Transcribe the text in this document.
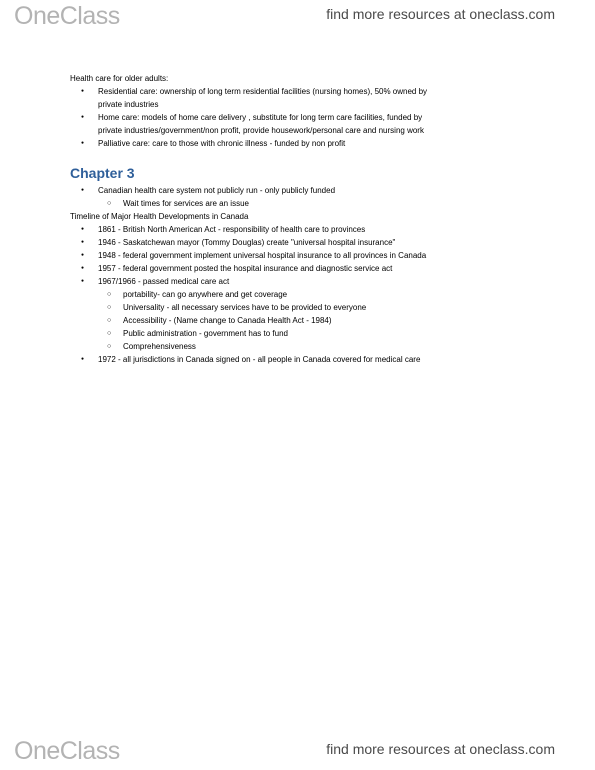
OneClass	find more resources at oneclass.com
Health care for older adults:
● Residential care: ownership of long term residential facilities (nursing homes), 50% owned by
private industries
● Home care: models of home care delivery , substitute for long term care facilities, funded by
private industries/government/non profit, provide housework/personal care and nursing work
● Palliative care: care to those with chronic illness - funded by non profit
Chapter 3
● Canadian health care system not publicly run - only publicly funded
○ Wait times for services are an issue
Timeline of Major Health Developments in Canada
● 1861 - British North American Act - responsibility of health care to provinces
● 1946 - Saskatchewan mayor (Tommy Douglas) create "universal hospital insurance"
● 1948 - federal government implement universal hospital insurance to all provinces in Canada
● 1957 - federal government posted the hospital insurance and diagnostic service act
● 1967/1966 - passed medical care act
○ portability- can go anywhere and get coverage
○ Universality - all necessary services have to be provided to everyone
○ Accessibility - (Name change to Canada Health Act - 1984)
○ Public administration - government has to fund
○ Comprehensiveness
● 1972 - all jurisdictions in Canada signed on - all people in Canada covered for medical care
OneClass	find more resources at oneclass.com
